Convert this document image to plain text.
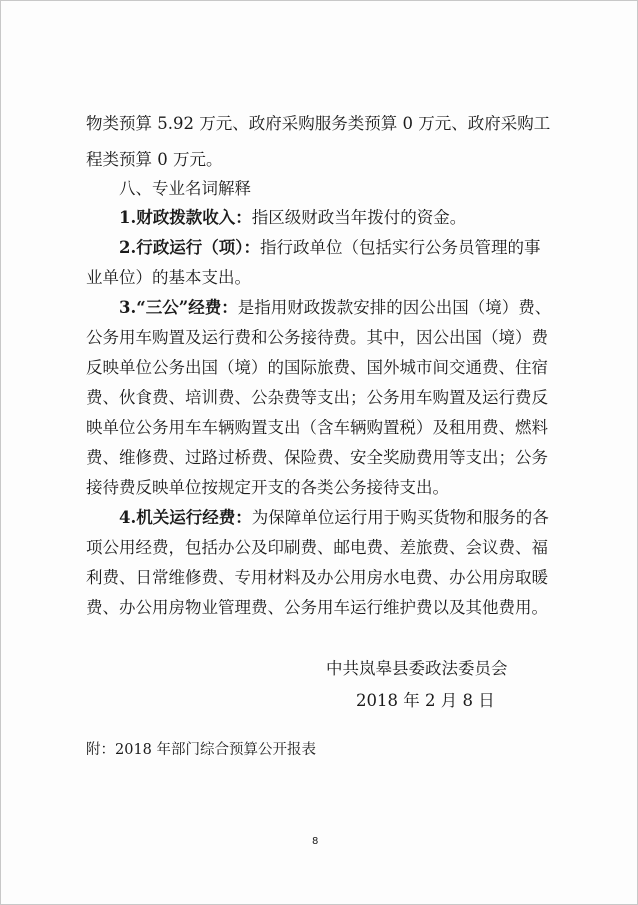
物类预算 5.92 万元、政府采购服务类预算 0 万元、政府采购工
程类预算 0 万元。
八、专业名词解释
1.财政拨款收入：指区级财政当年拨付的资金。
2.行政运行（项）：指行政单位（包括实行公务员管理的事
业单位）的基本支出。
3.“三公”经费：是指用财政拨款安排的因公出国（境）费、
公务用车购置及运行费和公务接待费。其中，因公出国（境）费
反映单位公务出国（境）的国际旅费、国外城市间交通费、住宿
费、伙食费、培训费、公杂费等支出；公务用车购置及运行费反
映单位公务用车车辆购置支出（含车辆购置税）及租用费、燃料
费、维修费、过路过桥费、保险费、安全奖励费用等支出；公务
接待费反映单位按规定开支的各类公务接待支出。
4.机关运行经费：为保障单位运行用于购买货物和服务的各
项公用经费，包括办公及印刷费、邮电费、差旅费、会议费、福
利费、日常维修费、专用材料及办公用房水电费、办公用房取暖
费、办公用房物业管理费、公务用车运行维护费以及其他费用。
中共岚皋县委政法委员会
2018 年 2 月 8 日
附：2018 年部门综合预算公开报表
8
